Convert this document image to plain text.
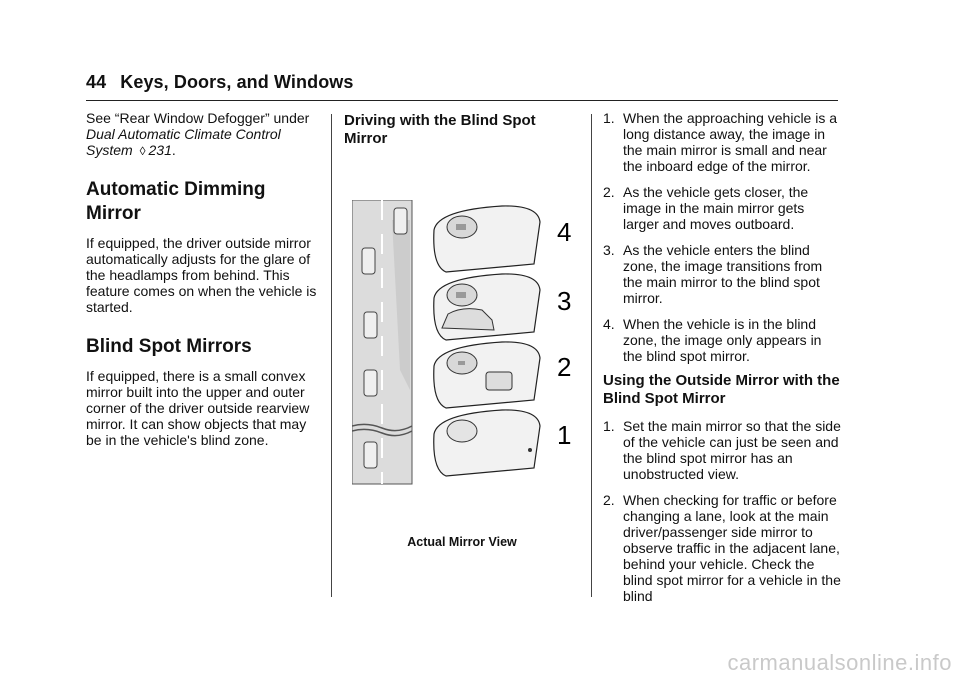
44 Keys, Doors, and Windows

See “Rear Window Defogger” under Dual Automatic Climate Control System ◊ 231.

Automatic Dimming Mirror

If equipped, the driver outside mirror automatically adjusts for the glare of the headlamps from behind. This feature comes on when the vehicle is started.

Blind Spot Mirrors

If equipped, there is a small convex mirror built into the upper and outer corner of the driver outside rearview mirror. It can show objects that may be in the vehicle's blind zone.

Driving with the Blind Spot Mirror
4
3
2
1
Actual Mirror View
1. When the approaching vehicle is a long distance away, the image in the main mirror is small and near the inboard edge of the mirror.
2. As the vehicle gets closer, the image in the main mirror gets larger and moves outboard.
3. As the vehicle enters the blind zone, the image transitions from the main mirror to the blind spot mirror.
4. When the vehicle is in the blind zone, the image only appears in the blind spot mirror.
Using the Outside Mirror with the Blind Spot Mirror
1. Set the main mirror so that the side of the vehicle can just be seen and the blind spot mirror has an unobstructed view.
2. When checking for traffic or before changing a lane, look at the main driver/passenger side mirror to observe traffic in the adjacent lane, behind your vehicle. Check the blind spot mirror for a vehicle in the blind
carmanualsonline.info
